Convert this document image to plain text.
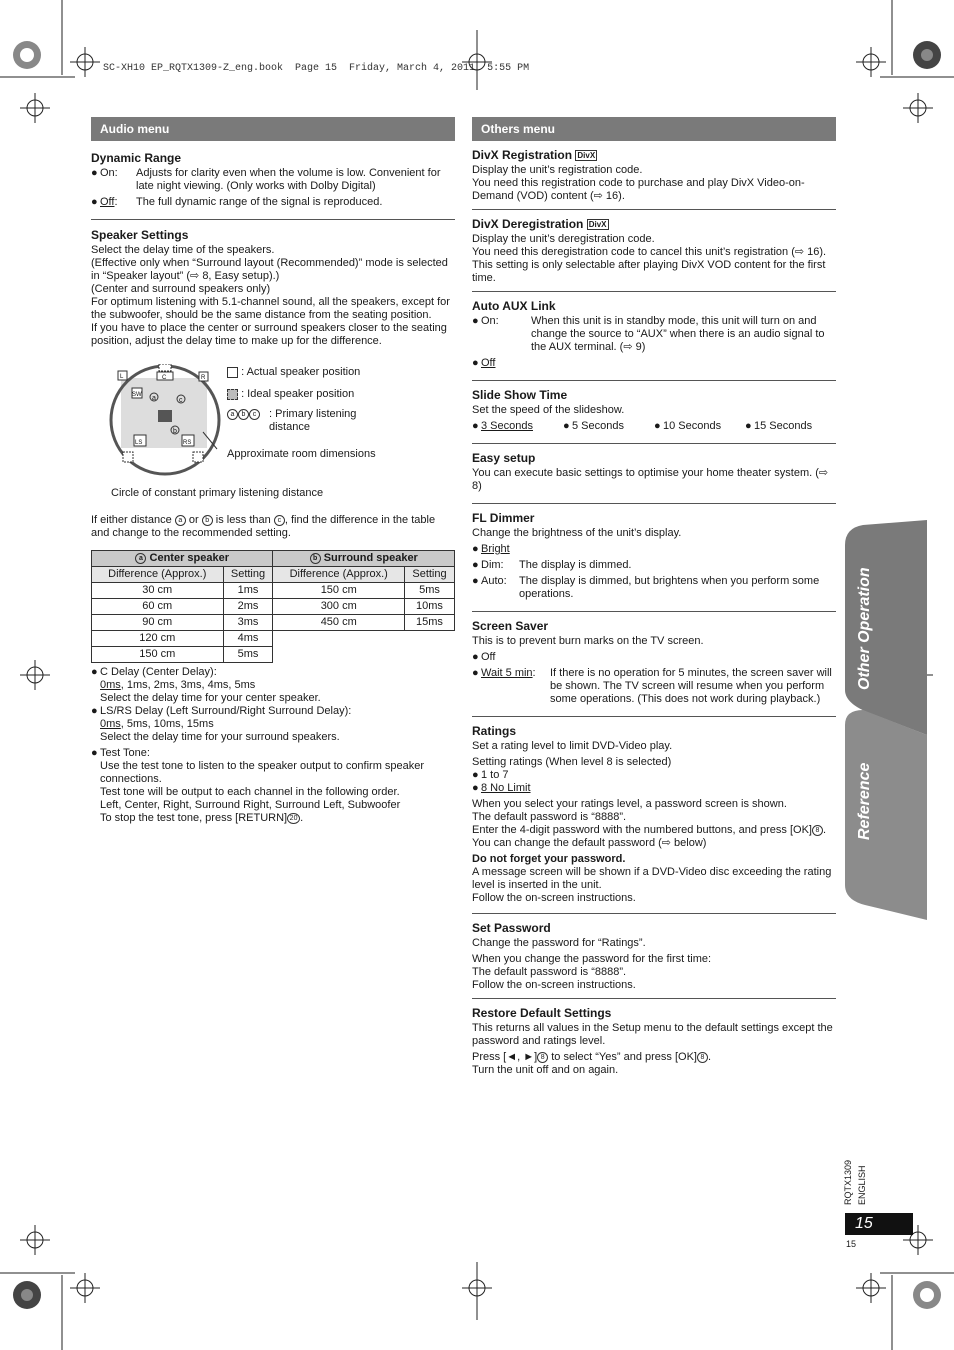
SC-XH10 EP_RQTX1309-Z_eng.book  Page 15  Friday, March 4, 2011  5:55 PM
Audio menu	Others menu
Dynamic Range
● On:	Adjusts for clarity even when the volume is low. Convenient for late night viewing. (Only works with Dolby Digital)
● Off:	The full dynamic range of the signal is reproduced.
Speaker Settings

Select the delay time of the speakers.

(Effective only when “Surround layout (Recommended)” mode is selected in “Speaker layout” (⇨ 8, Easy setup).)

(Center and surround speakers only)

For optimum listening with 5.1-channel sound, all the speakers, except for the subwoofer, should be the same distance from the seating position.

If you have to place the center or surround speakers closer to the seating position, adjust the delay time to make up for the difference.

L	C	R
SW
LS	RS
a	c
b
: Actual speaker position
: Ideal speaker position
a b c	: Primary listening distance
Approximate room dimensions
Circle of constant primary listening distance

If either distance a or b is less than c , find the difference in the table and change to the recommended setting.

a Center speaker		b Surround speaker	
Difference (Approx.)	Setting	Difference (Approx.)	Setting
30 cm	1ms	150 cm	5ms
60 cm	2ms	300 cm	10ms
90 cm	3ms	450 cm	15ms
120 cm	4ms		
150 cm	5ms		
● C Delay (Center Delay):

0ms, 1ms, 2ms, 3ms, 4ms, 5ms

Select the delay time for your center speaker.

● LS/RS Delay (Left Surround/Right Surround Delay):

0ms, 5ms, 10ms, 15ms

Select the delay time for your surround speakers.

● Test Tone:

Use the test tone to listen to the speaker output to confirm speaker connections.

Test tone will be output to each channel in the following order.

Left, Center, Right, Surround Right, Surround Left, Subwoofer

To stop the test tone, press [RETURN] 20 .

DivX Registration DivX

Display the unit’s registration code.

You need this registration code to purchase and play DivX Video-on-Demand (VOD) content (⇨ 16).

DivX Deregistration DivX

Display the unit’s deregistration code.

You need this deregistration code to cancel this unit’s registration (⇨ 16). This setting is only selectable after playing DivX VOD content for the first time.

Auto AUX Link
● On:	When this unit is in standby mode, this unit will turn on and change the source to “AUX” when there is an audio signal to the AUX terminal. (⇨ 9)
● Off
Slide Show Time

Set the speed of the slideshow.

● 3 Seconds	● 5 Seconds	● 10 Seconds ● 15 Seconds
Easy setup

You can execute basic settings to optimise your home theater system. (⇨ 8)

FL Dimmer

Change the brightness of the unit’s display.

● Bright
● Dim:	The display is dimmed.
● Auto:	The display is dimmed, but brightens when you perform some operations.
Screen Saver

This is to prevent burn marks on the TV screen.

● Off
● Wait 5 min:	If there is no operation for 5 minutes, the screen saver will be shown. The TV screen will resume when you perform some operations. (This does not work during playback.)
Ratings

Set a rating level to limit DVD-Video play.

Setting ratings (When level 8 is selected)

● 1 to 7
● 8 No Limit

When you select your ratings level, a password screen is shown.

The default password is “8888”.

Enter the 4-digit password with the numbered buttons, and press [OK] 8 .

You can change the default password (⇨ below)

Do not forget your password.

A message screen will be shown if a DVD-Video disc exceeding the rating level is inserted in the unit.

Follow the on-screen instructions.

Set Password

Change the password for “Ratings”.

When you change the password for the first time:

The default password is “8888”.

Follow the on-screen instructions.

Restore Default Settings

This returns all values in the Setup menu to the default settings except the password and ratings level.

Press [◄, ►] 8 to select “Yes” and press [OK] 8 .

Turn the unit off and on again.

Other Operation
Reference
RQTX1309 ENGLISH
15
15
